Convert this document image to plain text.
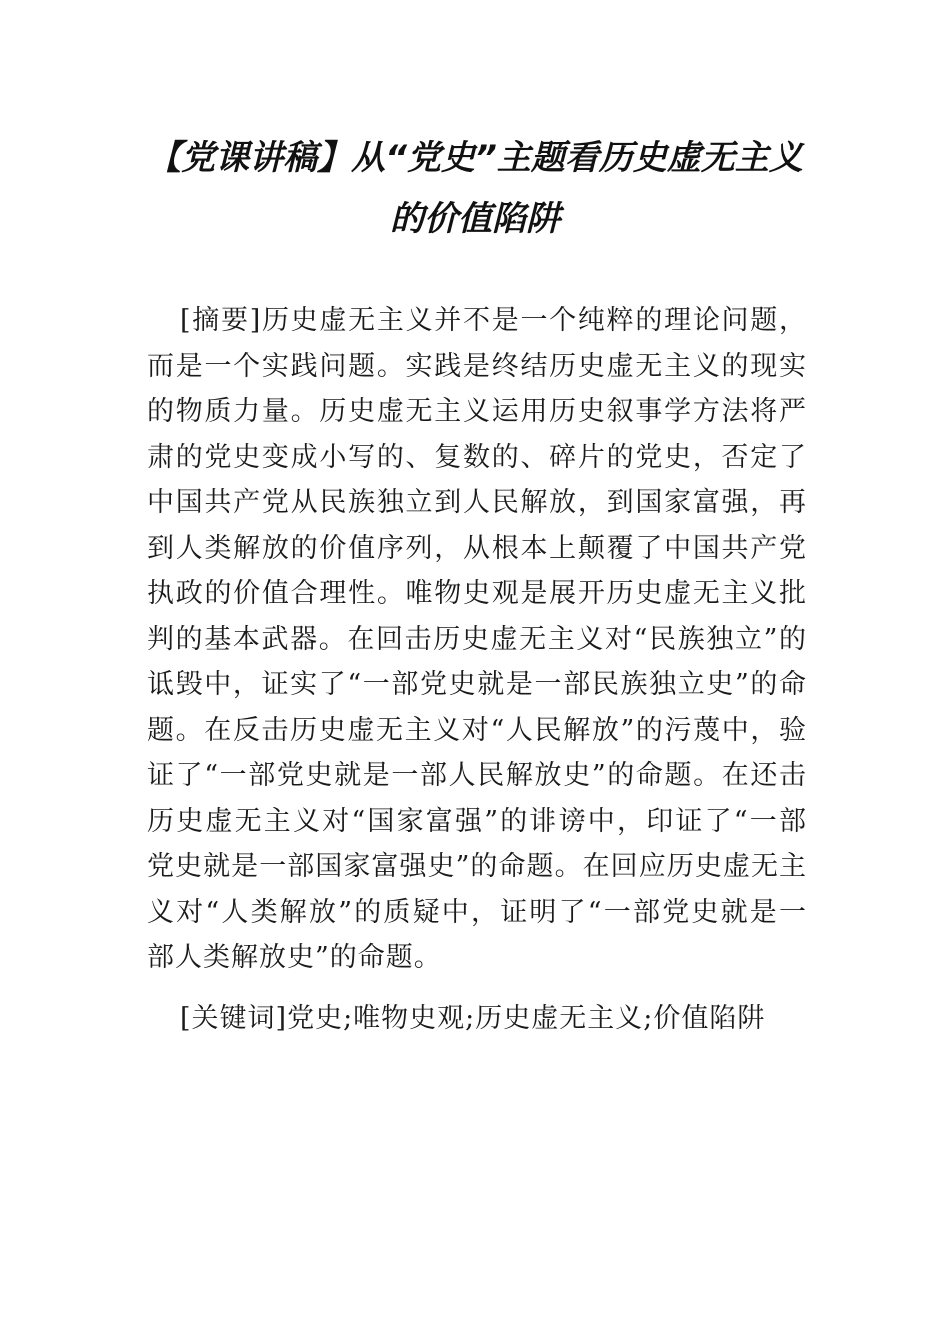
【党课讲稿】从“党史”主题看历史虚无主义
的价值陷阱

[摘要]历史虚无主义并不是一个纯粹的理论问题，而是一个实践问题。实践是终结历史虚无主义的现实的物质力量。历史虚无主义运用历史叙事学方法将严肃的党史变成小写的、复数的、碎片的党史，否定了中国共产党从民族独立到人民解放，到国家富强，再到人类解放的价值序列，从根本上颠覆了中国共产党执政的价值合理性。唯物史观是展开历史虚无主义批判的基本武器。在回击历史虚无主义对“民族独立”的诋毁中，证实了“一部党史就是一部民族独立史”的命题。在反击历史虚无主义对“人民解放”的污蔑中，验证了“一部党史就是一部人民解放史”的命题。在还击历史虚无主义对“国家富强”的诽谤中，印证了“一部党史就是一部国家富强史”的命题。在回应历史虚无主义对“人类解放”的质疑中，证明了“一部党史就是一部人类解放史”的命题。

[关键词]党史;唯物史观;历史虚无主义;价值陷阱
